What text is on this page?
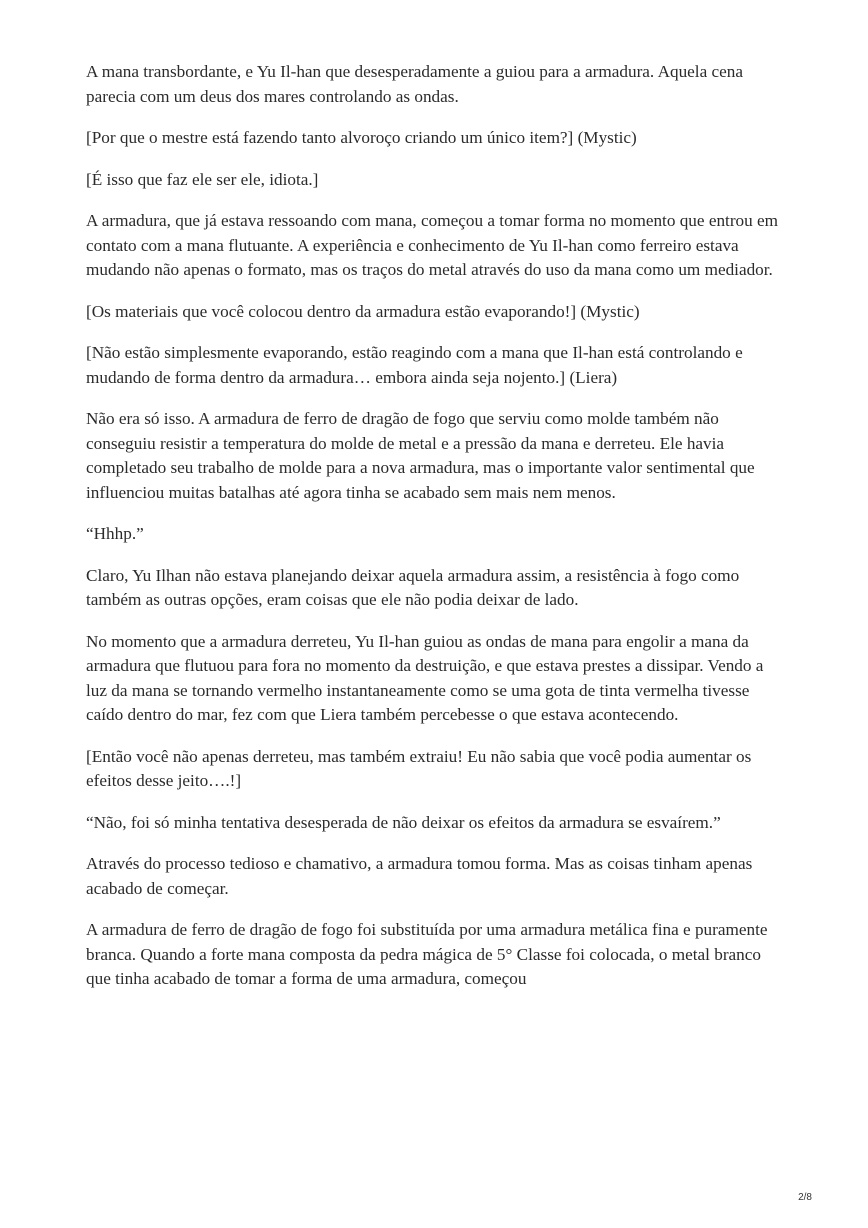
A mana transbordante, e Yu Il-han que desesperadamente a guiou para a armadura. Aquela cena parecia com um deus dos mares controlando as ondas.

[Por que o mestre está fazendo tanto alvoroço criando um único item?] (Mystic)

[É isso que faz ele ser ele, idiota.]

A armadura, que já estava ressoando com mana, começou a tomar forma no momento que entrou em contato com a mana flutuante. A experiência e conhecimento de Yu Il-han como ferreiro estava mudando não apenas o formato, mas os traços do metal através do uso da mana como um mediador.

[Os materiais que você colocou dentro da armadura estão evaporando!] (Mystic)

[Não estão simplesmente evaporando, estão reagindo com a mana que Il-han está controlando e mudando de forma dentro da armadura… embora ainda seja nojento.] (Liera)

Não era só isso. A armadura de ferro de dragão de fogo que serviu como molde também não conseguiu resistir a temperatura do molde de metal e a pressão da mana e derreteu. Ele havia completado seu trabalho de molde para a nova armadura, mas o importante valor sentimental que influenciou muitas batalhas até agora tinha se acabado sem mais nem menos.

“Hhhp.”

Claro, Yu Ilhan não estava planejando deixar aquela armadura assim, a resistência à fogo como também as outras opções, eram coisas que ele não podia deixar de lado.

No momento que a armadura derreteu, Yu Il-han guiou as ondas de mana para engolir a mana da armadura que flutuou para fora no momento da destruição, e que estava prestes a dissipar. Vendo a luz da mana se tornando vermelho instantaneamente como se uma gota de tinta vermelha tivesse caído dentro do mar, fez com que Liera também percebesse o que estava acontecendo.

[Então você não apenas derreteu, mas também extraiu! Eu não sabia que você podia aumentar os efeitos desse jeito….!]

“Não, foi só minha tentativa desesperada de não deixar os efeitos da armadura se esvaírem.”

Através do processo tedioso e chamativo, a armadura tomou forma. Mas as coisas tinham apenas acabado de começar.

A armadura de ferro de dragão de fogo foi substituída por uma armadura metálica fina e puramente branca. Quando a forte mana composta da pedra mágica de 5° Classe foi colocada, o metal branco que tinha acabado de tomar a forma de uma armadura, começou

2/8
